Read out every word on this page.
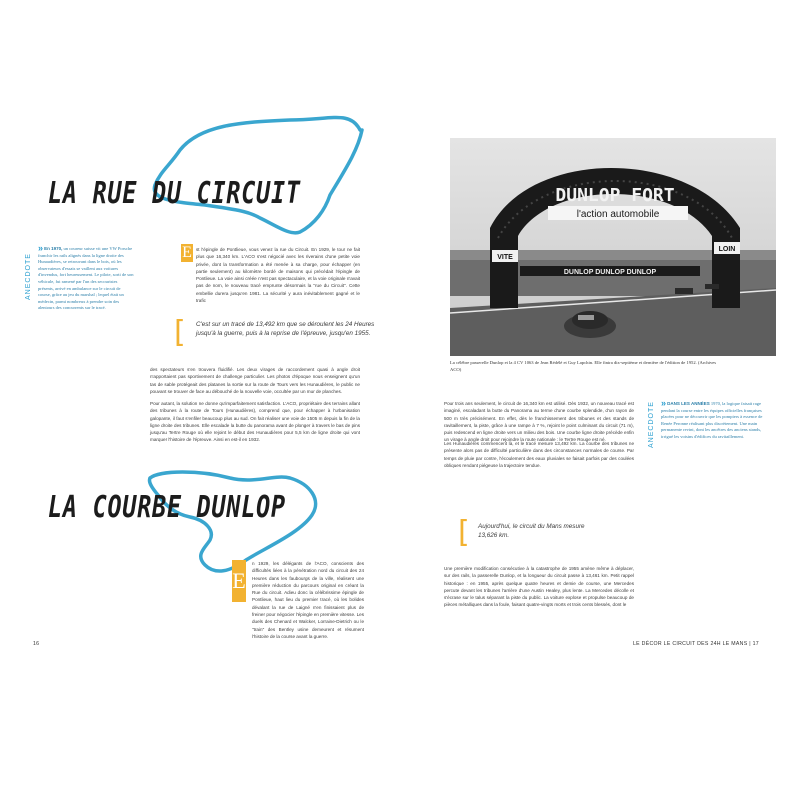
LA RUE DU CIRCUIT
ANECDOTE

» En 1970, un coureur suisse vit une VW Porsche franchir les rails alignés dans la ligne droite des Hunaudières, se retrouvant dans le bois, où les observateurs d'essais se vaillent aux voitures d'invendus, fort heureusement. Le pilote, sorti de son véhicule, fut ramené par l'un des secouristes présents, arrivé en ambulance sur le circuit de course, grâce au jeu du marshal ; lequel était un médecin, parmi nombreux à prendre soin des alentours des concurrents sur le tracé.

E st l'épingle de Pontlieue, vous venez la rue du Circuit. En 1929, le tour ne fait plus que 16,340 km. L'ACO s'est négocié avec les riverains d'une petite voie privée, dont la transformation a été menée à sa charge, pour échapper (en partie seulement) au kilomètre bordé de maisons qui précédait l'épingle de Pontlieue. La voie ainsi créée n'est pas spectaculaire, et la voie originale n'avait pas de nom, le nouveau tracé emprunte désormais la "rue du Circuit". Cette embellie durera jusqu'en 1981. La sécurité y aura inévitablement gagné et le trafic

[ C'est sur un tracé de 13,492 km que se déroulent les 24 Heures jusqu'à la guerre, puis à la reprise de l'épreuve, jusqu'en 1955.

des spectateurs s'en trouvera fluidifié. Les deux virages de raccordement quasi à angle droit n'apportaient pas sportivement de challenge particulier. Les photos d'époque nous enseignent qu'un tas de sable protégeait des platanes la sortie sur la route de Tours vers les Hunaudières, le public ne pouvant se trouver de face au débouché de la nouvelle voie, occultée par un mur de planches.

Pour autant, la solution ne donne qu'imparfaitement satisfaction. L'ACO, propriétaire des terrains allant des tribunes à la route de Tours (Hunaudières), comprend que, pour échapper à l'urbanisation galopante, il faut s'enfiler beaucoup plus au sud. On fait réaliser une voie de 1505 m depuis la fin de la ligne droite des tribunes. Elle escalade la butte du panorama avant de plonger à travers le bas de pins jusqu'au Tertre Rouge où elle rejoint le début des Hunaudières pour 5,5 km de ligne droite qui vont marquer l'histoire de l'épreuve. Ainsi en est-il en 1932.

LA COURBE DUNLOP
E

n 1929, les délégants de l'ACO, conscients des difficultés liées à la pénétration nord du circuit des 24 Heures dans les faubourgs de la ville, réalisent une première réduction du parcours original en créant la Rue du circuit. Adieu donc la célébrissime épingle de Pontlieue, haut lieu du premier tracé, où les bolides dévalant la rue de Laigné n'en finissaient plus de freiner pour négocier l'épingle en première vitesse. Les duels des Chenard et Walcker, Lorraine-Dietrich ou le "train" des Bentley usine demeurent et résument l'histoire de la course avant la guerre.

16
DUNLOP FORT
l'action automobile
VITE
LOIN
DUNLOP DUNLOP DUNLOP

La célèbre passerelle Dunlop et la 4 CV 1063 de Jean Rédélé et Guy Lapchin. Elle finira dix-septième et dernière de l'édition de 1952. (Archives ACO)

Pour trois ans seulement, le circuit de 16,340 km est utilisé. Dès 1932, un nouveau tracé est imaginé, escaladant la butte du Panorama au terme d'une courbe splendide, d'un rayon de 500 m très précisément. En effet, dès le franchissement des tribunes et des stands de ravitaillement, la piste, grâce à une rampe à 7 %, rejoint le point culminant du circuit (71 m), puis redescend en ligne droite vers un milieu des bois. Une courbe ligne droite précède enfin un virage à angle droit pour rejoindre la route nationale : le Tertre Rouge est né.

Les Hunaudières commencent là, et le tracé mesure 13,492 km. La courbe des tribunes ne présente alors pas de difficulté particulière dans des circonstances normales de course. Par temps de pluie par contre, l'écoulement des eaux pluviales se faisait parfois par des coulées obliques rendant piégeuse la trajectoire tendue.

[ Aujourd'hui, le circuit du Mans mesure 13,626 km.

Une première modification consécutive à la catastrophe de 1955 amène même à déplacer, sur des rails, la passerelle Dunlop, et la longueur du circuit passe à 13,461 km. Petit rappel historique : en 1955, après quelque quatre heures et demie de course, une Mercedes percute devant les tribunes l'arrière d'une Austin Healey, plus lente. La Mercedes décolle et s'écrase sur le talus séparant la piste du public. La voiture explose et propulse beaucoup de pièces métalliques dans la foule, faisant quatre-vingts morts et trois cents blessés, dont le

ANECDOTE » DANS LES ANNÉES 1970, la logique faisait rage pendant la course entre les équipes officielles françaises placées pour ne découvrir que les pompiers à essence de Renée Peronne réalisant plus discrètement. Une main permanente revint, dont les ancêtres des anciens stands, irrigué les voisins d'édifices du ravitaillement.

LE DÉCOR LE CIRCUIT DES 24H LE MANS | 17
